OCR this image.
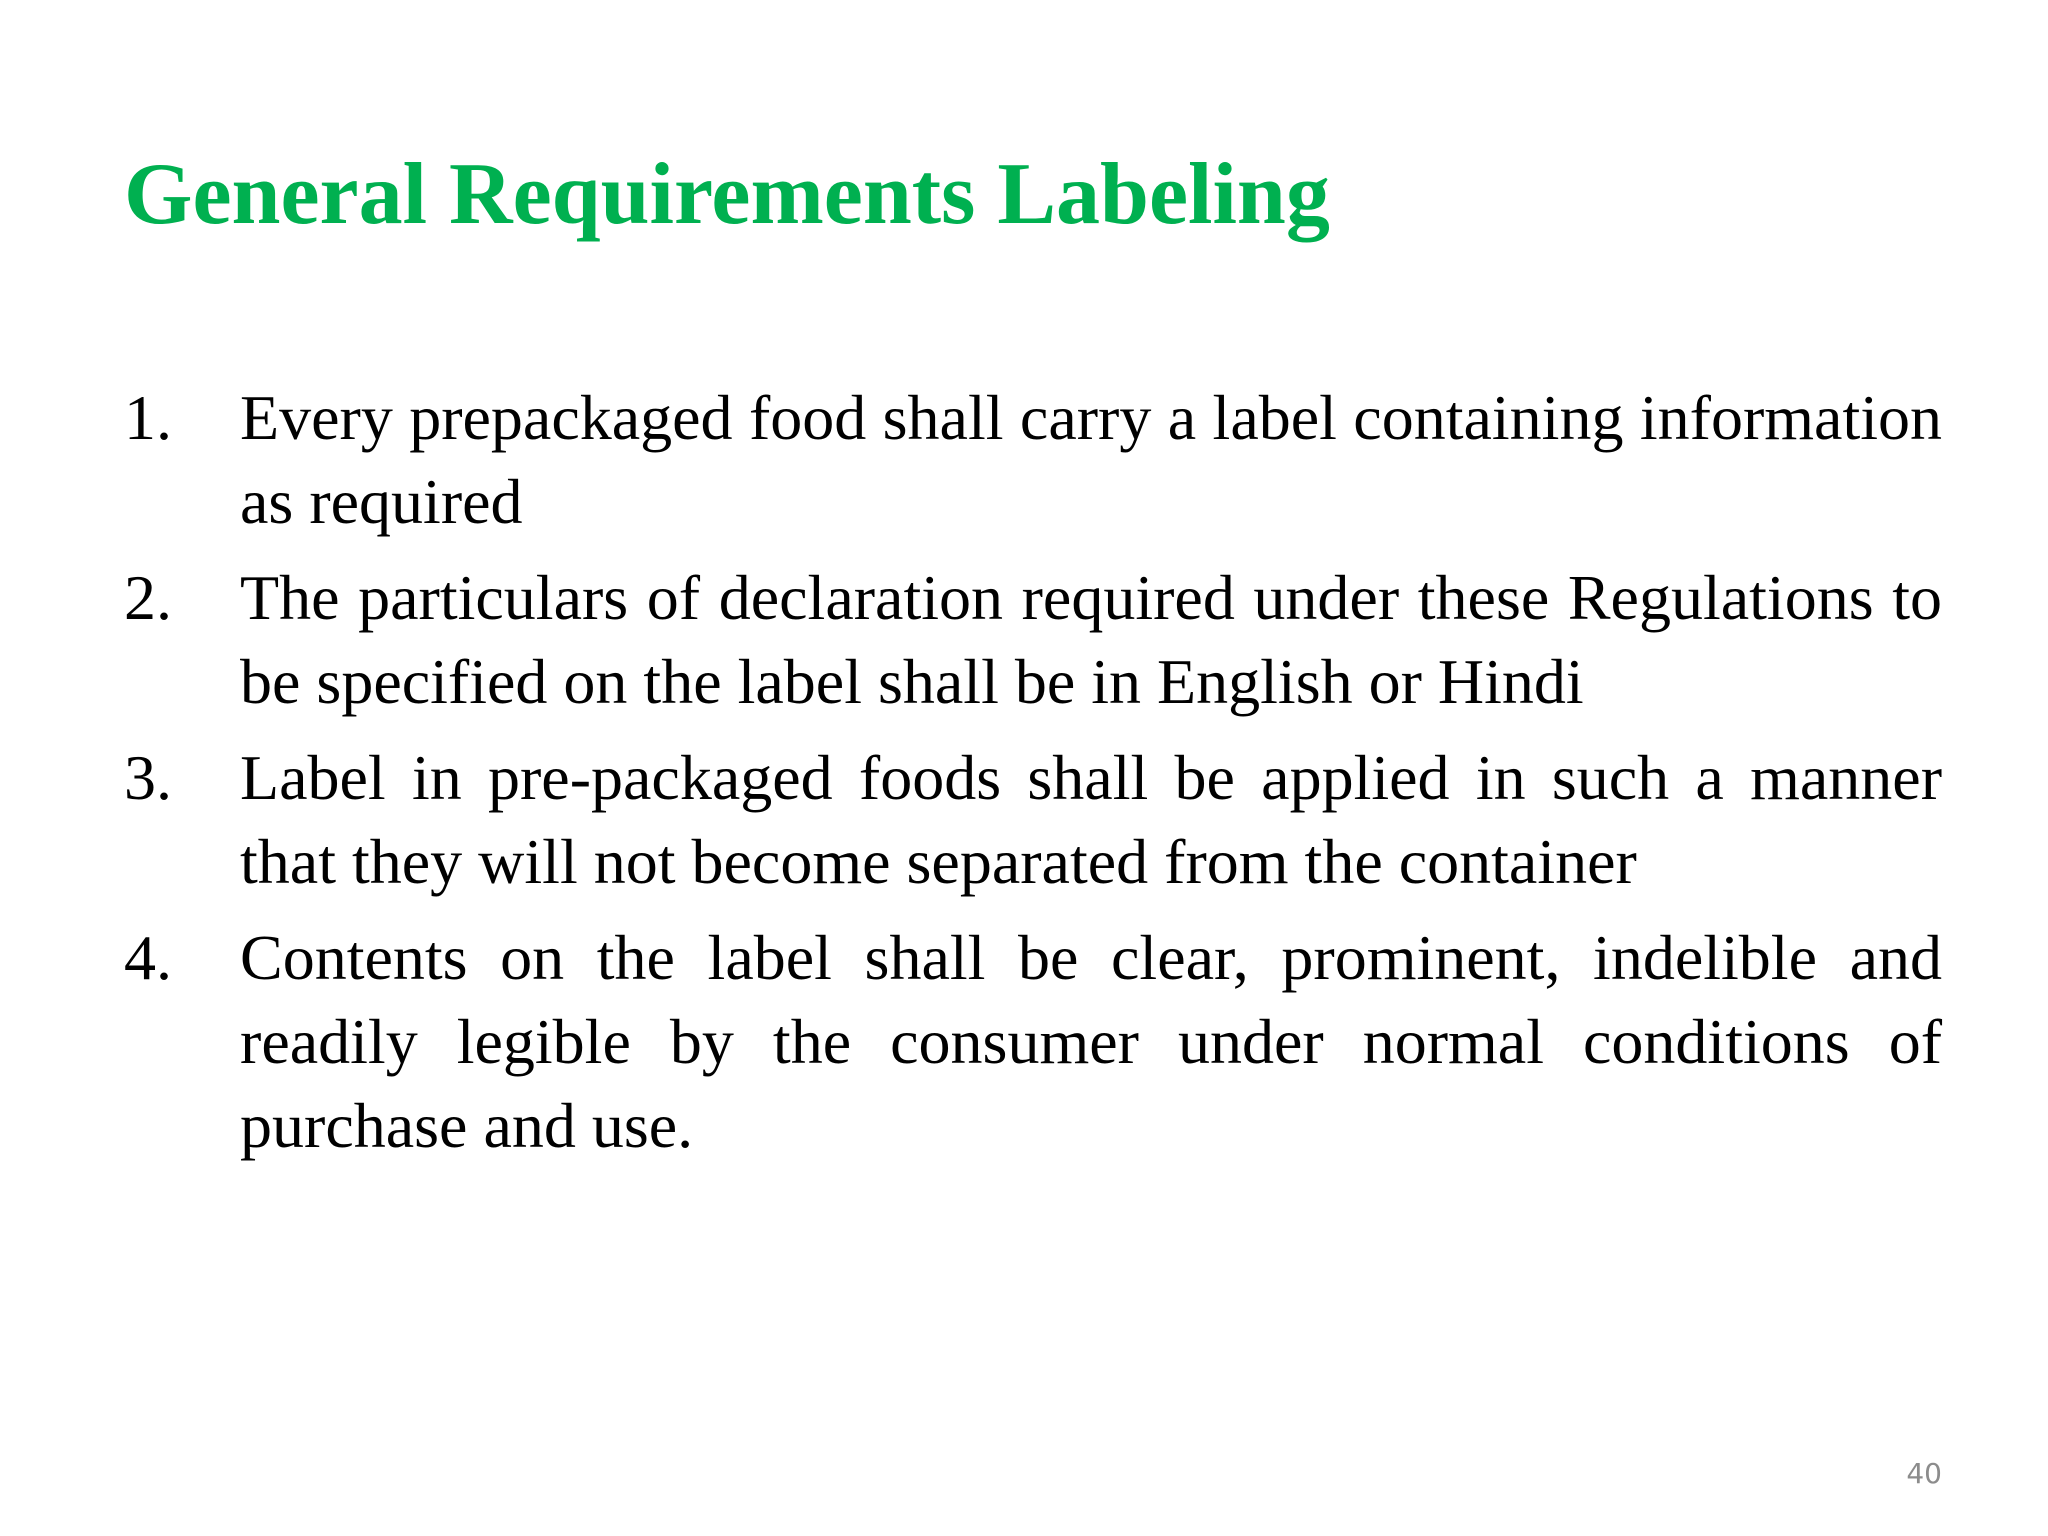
General Requirements Labeling
1. Every prepackaged food shall carry a label containing information as required
2. The particulars of declaration required under these Regulations to be specified on the label shall be in English or Hindi
3. Label in pre-packaged foods shall be applied in such a manner that they will not become separated from the container
4. Contents on the label shall be clear, prominent, indelible and readily legible by the consumer under normal conditions of purchase and use.
40
